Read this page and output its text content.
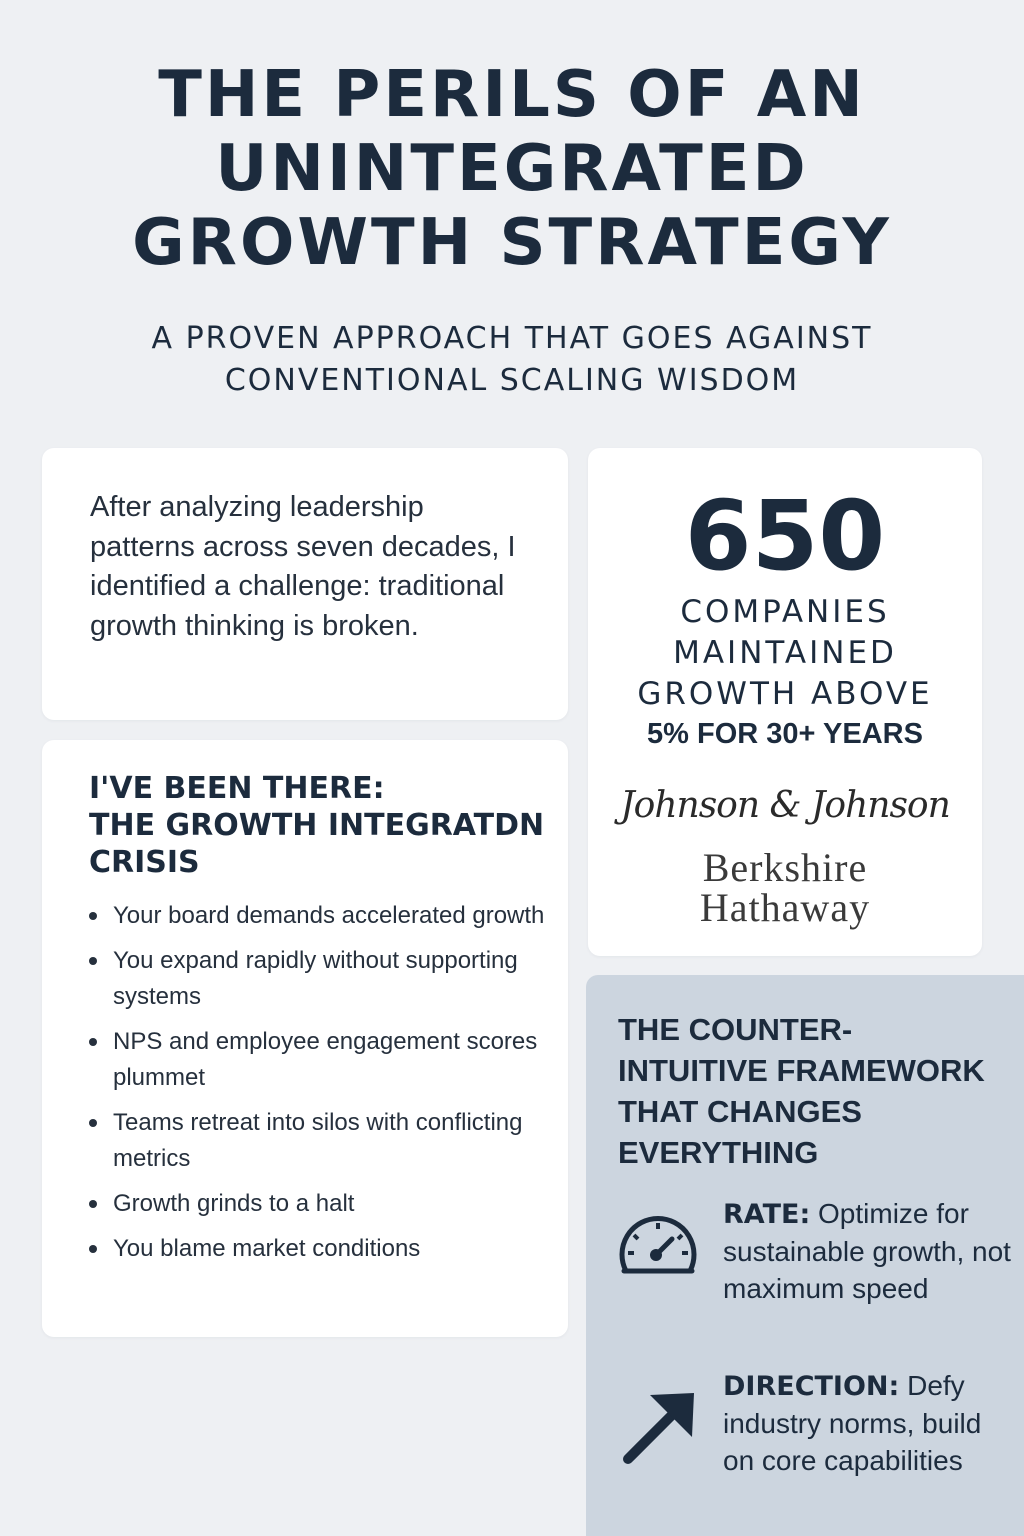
THE PERILS OF AN
UNINTEGRATED
GROWTH STRATEGY

A PROVEN APPROACH THAT GOES AGAINST
CONVENTIONAL SCALING WISDOM

After analyzing leadership patterns across seven decades, I identified a challenge: traditional growth thinking is broken.

I'VE BEEN THERE:
THE GROWTH INTEGRATDN
CRISIS
Your board demands accelerated growth
You expand rapidly without supporting systems
NPS and employee engagement scores plummet
Teams retreat into silos with conflicting metrics
Growth grinds to a halt
You blame market conditions
650
COMPANIES
MAINTAINED
GROWTH ABOVE
5% FOR 30+ YEARS
Johnson & Johnson
Berkshire
Hathaway
THE COUNTER-
INTUITIVE FRAMEWORK
THAT CHANGES
EVERYTHING
RATE: Optimize for sustainable growth, not maximum speed
DIRECTION: Defy industry norms, build on core capabilities
